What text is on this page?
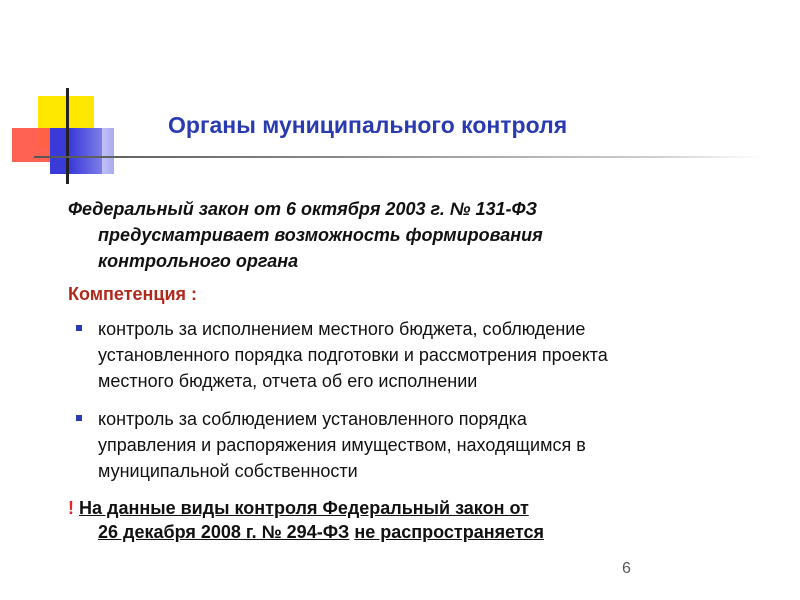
Органы муниципального контроля

Федеральный закон от 6 октября 2003 г. № 131-ФЗ

предусматривает возможность формирования
контрольного органа

Компетенция :
контроль за исполнением местного бюджета, соблюдение
установленного порядка подготовки и рассмотрения проекта
местного бюджета, отчета об его исполнении
контроль за соблюдением установленного порядка
управления и распоряжения имуществом, находящимся в
муниципальной собственности

! На данные виды контроля Федеральный закон от
26 декабря 2008 г. № 294-ФЗ не распространяется

6
